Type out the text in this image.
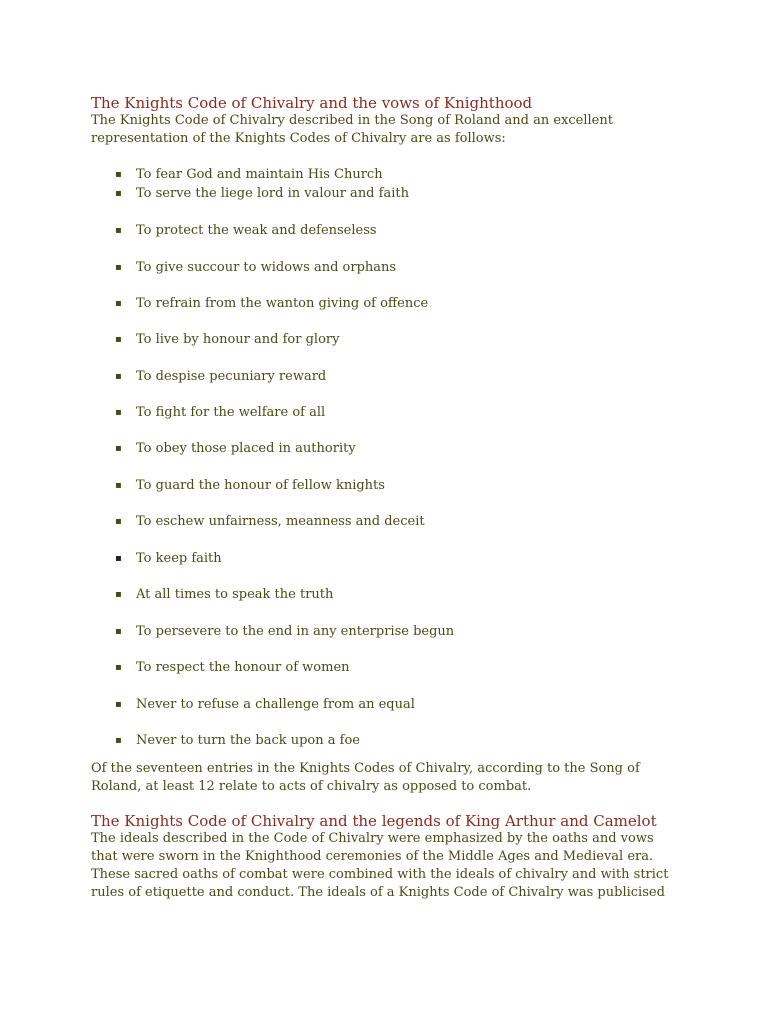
The Knights Code of Chivalry and the vows of Knighthood

The Knights Code of Chivalry described in the Song of Roland and an excellent

representation of the Knights Codes of Chivalry are as follows:

▪ To fear God and maintain His Church
▪ To serve the liege lord in valour and faith
▪ To protect the weak and defenseless
▪ To give succour to widows and orphans
▪ To refrain from the wanton giving of offence
▪ To live by honour and for glory
▪ To despise pecuniary reward
▪ To fight for the welfare of all
▪ To obey those placed in authority
▪ To guard the honour of fellow knights
▪ To eschew unfairness, meanness and deceit
▪ To keep faith
▪ At all times to speak the truth
▪ To persevere to the end in any enterprise begun
▪ To respect the honour of women
▪ Never to refuse a challenge from an equal
▪ Never to turn the back upon a foe

Of the seventeen entries in the Knights Codes of Chivalry, according to the Song of

Roland, at least 12 relate to acts of chivalry as opposed to combat.

The Knights Code of Chivalry and the legends of King Arthur and Camelot

The ideals described in the Code of Chivalry were emphasized by the oaths and vows

that were sworn in the Knighthood ceremonies of the Middle Ages and Medieval era.

These sacred oaths of combat were combined with the ideals of chivalry and with strict

rules of etiquette and conduct. The ideals of a Knights Code of Chivalry was publicised
